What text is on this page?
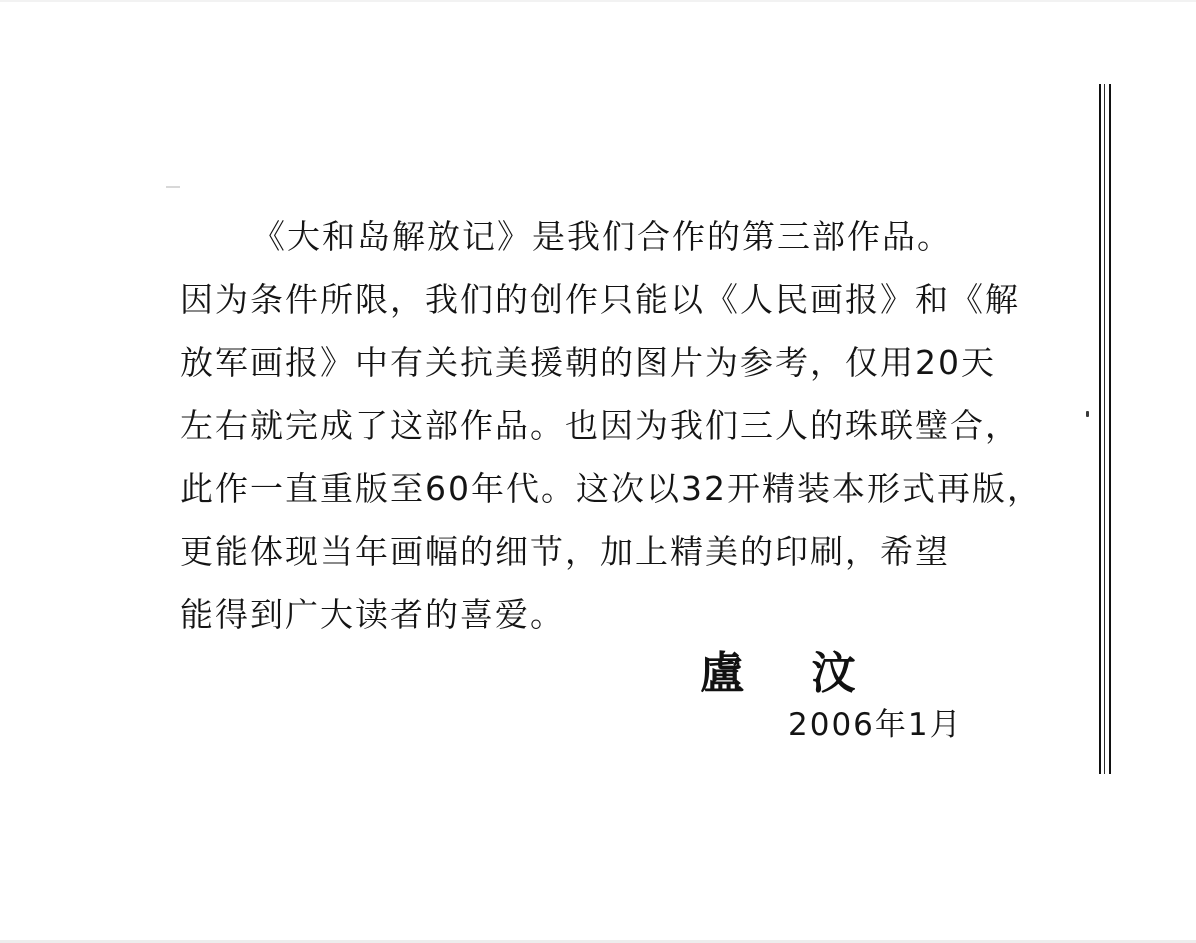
《大和岛解放记》是我们合作的第三部作品。
因为条件所限，我们的创作只能以《人民画报》和《解
放军画报》中有关抗美援朝的图片为参考，仅用20天
左右就完成了这部作品。也因为我们三人的珠联璧合，
此作一直重版至60年代。这次以32开精装本形式再版，
更能体现当年画幅的细节，加上精美的印刷，希望
能得到广大读者的喜爱。
盧 汶
2006年1月
